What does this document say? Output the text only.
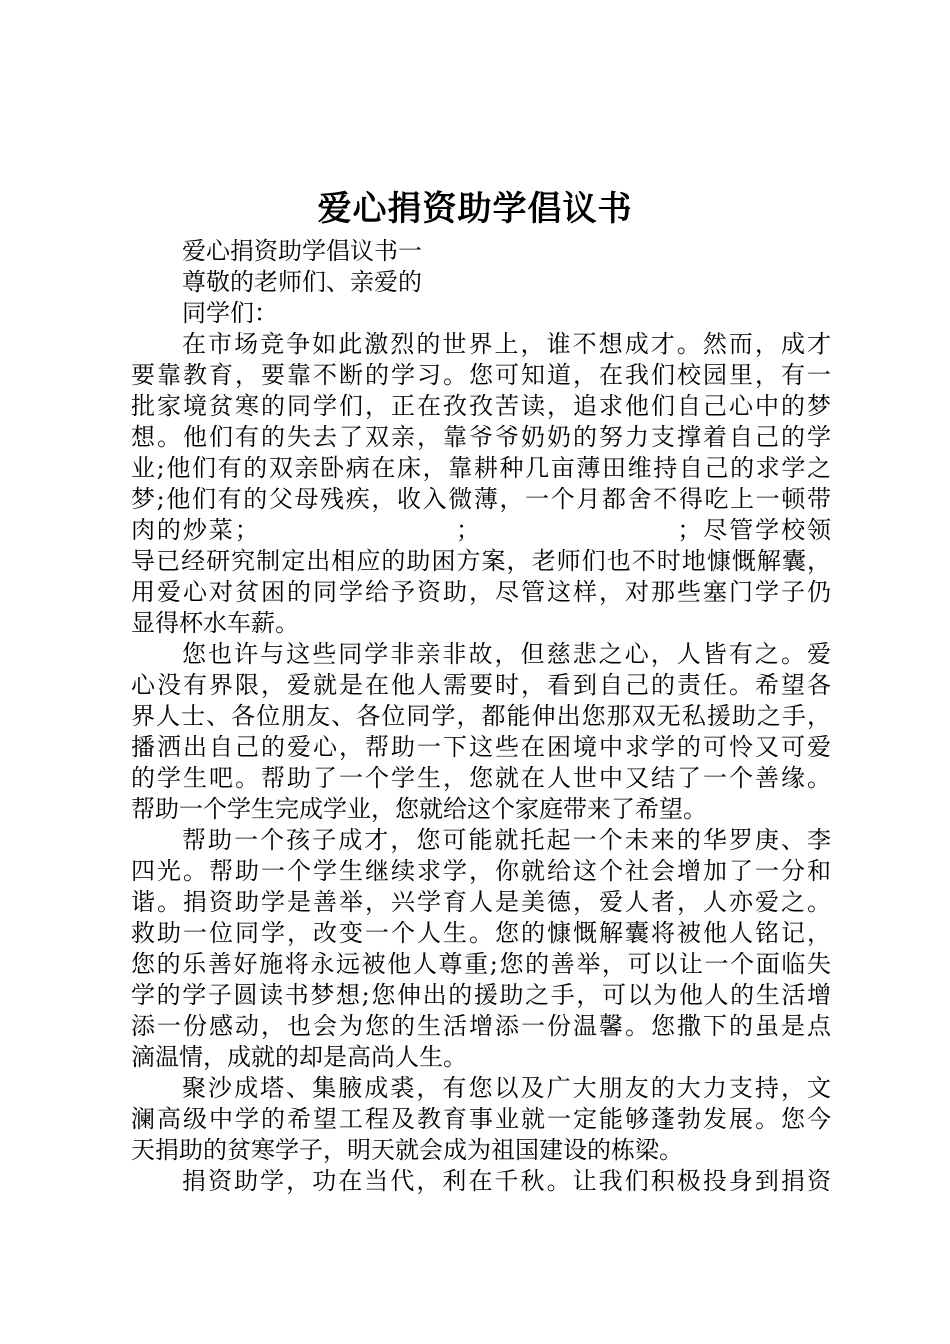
爱心捐资助学倡议书
爱心捐资助学倡议书一
尊敬的老师们、亲爱的
同学们：
在市场竞争如此激烈的世界上，谁不想成才。然而，成才
要靠教育，要靠不断的学习。您可知道，在我们校园里，有一
批家境贫寒的同学们，正在孜孜苦读，追求他们自己心中的梦
想。他们有的失去了双亲，靠爷爷奶奶的努力支撑着自己的学
业;他们有的双亲卧病在床，靠耕种几亩薄田维持自己的求学之
梦;他们有的父母残疾，收入微薄，一个月都舍不得吃上一顿带
肉的炒菜；　　　　　　　　；　　　　　　　　；尽管学校领
导已经研究制定出相应的助困方案，老师们也不时地慷慨解囊，
用爱心对贫困的同学给予资助，尽管这样，对那些塞门学子仍
显得杯水车薪。
您也许与这些同学非亲非故，但慈悲之心，人皆有之。爱
心没有界限，爱就是在他人需要时，看到自己的责任。希望各
界人士、各位朋友、各位同学，都能伸出您那双无私援助之手，
播洒出自己的爱心，帮助一下这些在困境中求学的可怜又可爱
的学生吧。帮助了一个学生，您就在人世中又结了一个善缘。
帮助一个学生完成学业，您就给这个家庭带来了希望。
帮助一个孩子成才，您可能就托起一个未来的华罗庚、李
四光。帮助一个学生继续求学，你就给这个社会增加了一分和
谐。捐资助学是善举，兴学育人是美德，爱人者，人亦爱之。
救助一位同学，改变一个人生。您的慷慨解囊将被他人铭记，
您的乐善好施将永远被他人尊重;您的善举，可以让一个面临失
学的学子圆读书梦想;您伸出的援助之手，可以为他人的生活增
添一份感动，也会为您的生活增添一份温馨。您撒下的虽是点
滴温情，成就的却是高尚人生。
聚沙成塔、集腋成裘，有您以及广大朋友的大力支持，文
澜高级中学的希望工程及教育事业就一定能够蓬勃发展。您今
天捐助的贫寒学子，明天就会成为祖国建设的栋梁。
捐资助学，功在当代，利在千秋。让我们积极投身到捐资
